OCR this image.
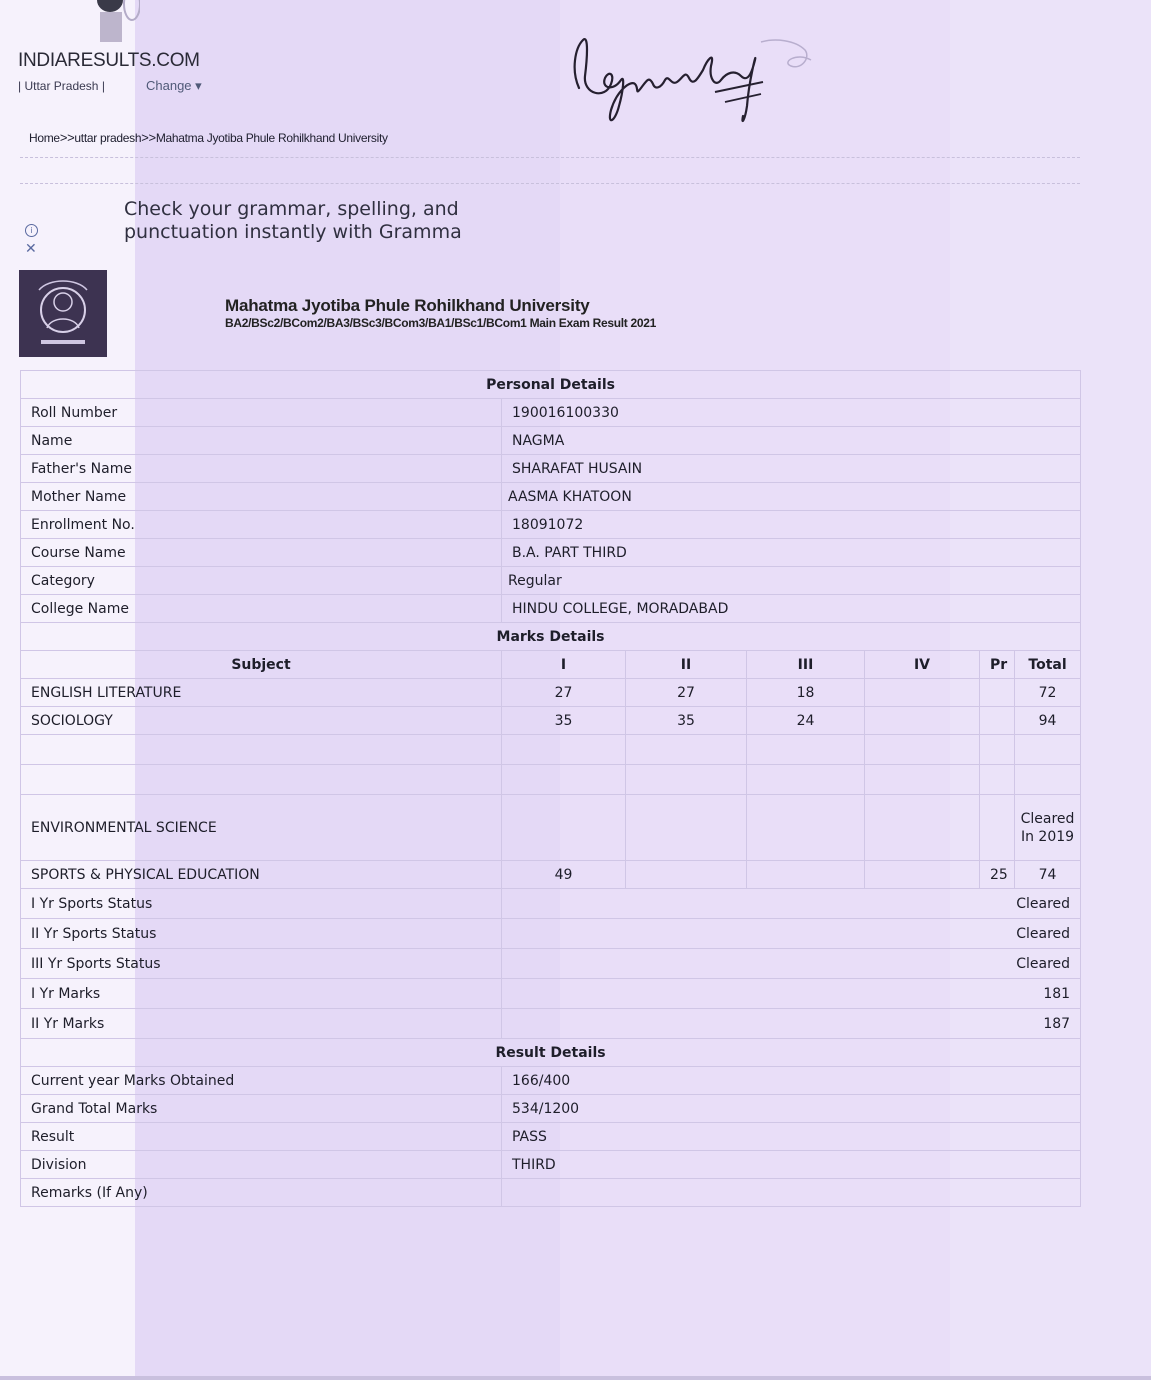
INDIARESULTS.COM
| Uttar Pradesh |	Change ▾
Home>>uttar pradesh>>Mahatma Jyotiba Phule Rohilkhand University
Check your grammar, spelling, and punctuation instantly with Gramma
i
✕
Mahatma Jyotiba Phule Rohilkhand University
BA2/BSc2/BCom2/BA3/BSc3/BCom3/BA1/BSc1/BCom1 Main Exam Result 2021
Personal Details						
Roll Number	190016100330					
Name	NAGMA					
Father's Name	SHARAFAT HUSAIN					
Mother Name	AASMA KHATOON					
Enrollment No.	18091072					
Course Name	B.A. PART THIRD					
Category	Regular					
College Name	HINDU COLLEGE, MORADABAD					
Marks Details						
Subject	I	II	III	IV	Pr	Total
ENGLISH LITERATURE	27	27	18			72
SOCIOLOGY	35	35	24			94

ENVIRONMENTAL SCIENCE						Cleared In 2019
SPORTS & PHYSICAL EDUCATION	49				25	74
I Yr Sports Status	Cleared					
II Yr Sports Status	Cleared					
III Yr Sports Status	Cleared					
I Yr Marks	181					
II Yr Marks	187					
Result Details						
Current year Marks Obtained	166/400					
Grand Total Marks	534/1200					
Result	PASS					
Division	THIRD					
Remarks (If Any)						
